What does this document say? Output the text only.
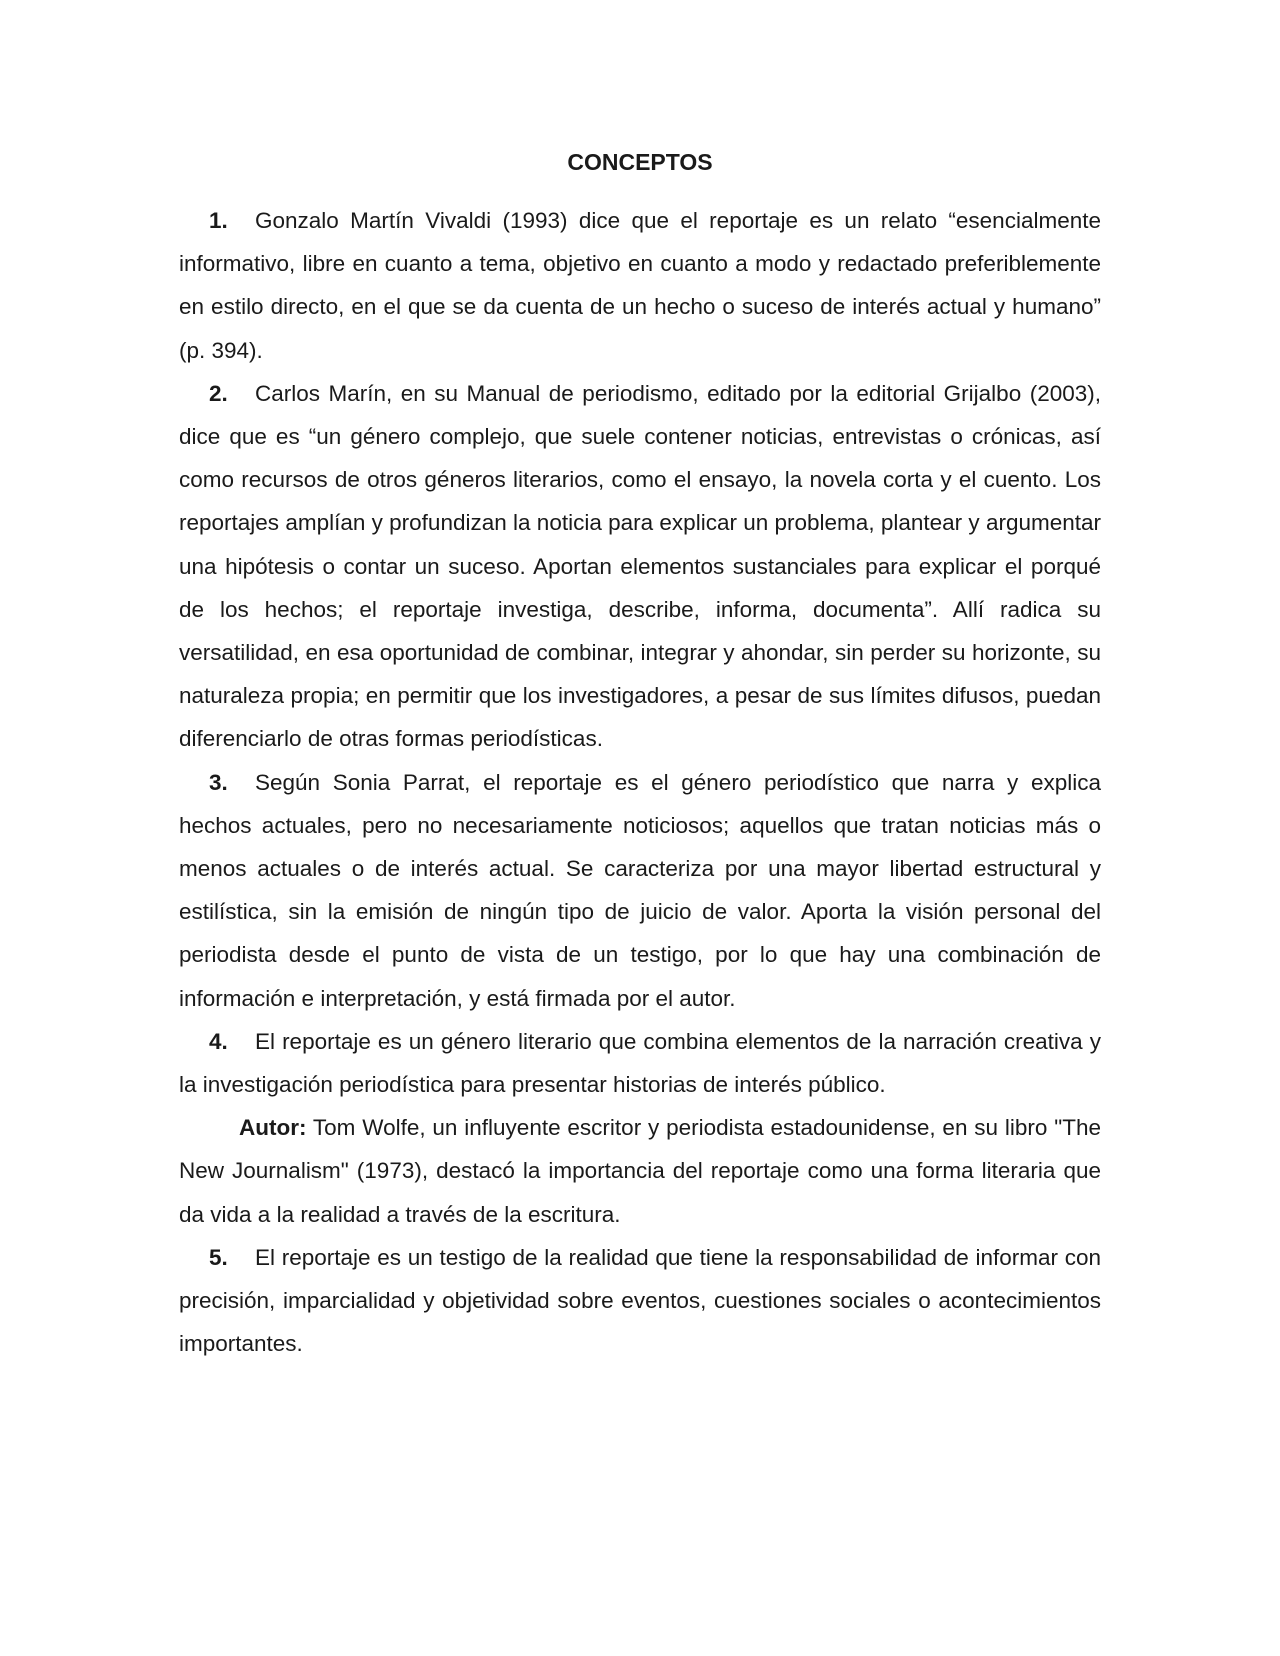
CONCEPTOS

1. Gonzalo Martín Vivaldi (1993) dice que el reportaje es un relato “esencialmente informativo, libre en cuanto a tema, objetivo en cuanto a modo y redactado preferiblemente en estilo directo, en el que se da cuenta de un hecho o suceso de interés actual y humano” (p. 394).

2. Carlos Marín, en su Manual de periodismo, editado por la editorial Grijalbo (2003), dice que es “un género complejo, que suele contener noticias, entrevistas o crónicas, así como recursos de otros géneros literarios, como el ensayo, la novela corta y el cuento. Los reportajes amplían y profundizan la noticia para explicar un problema, plantear y argumentar una hipótesis o contar un suceso. Aportan elementos sustanciales para explicar el porqué de los hechos; el reportaje investiga, describe, informa, documenta”. Allí radica su versatilidad, en esa oportunidad de combinar, integrar y ahondar, sin perder su horizonte, su naturaleza propia; en permitir que los investigadores, a pesar de sus límites difusos, puedan diferenciarlo de otras formas periodísticas.

3. Según Sonia Parrat, el reportaje es el género periodístico que narra y explica hechos actuales, pero no necesariamente noticiosos; aquellos que tratan noticias más o menos actuales o de interés actual. Se caracteriza por una mayor libertad estructural y estilística, sin la emisión de ningún tipo de juicio de valor. Aporta la visión personal del periodista desde el punto de vista de un testigo, por lo que hay una combinación de información e interpretación, y está firmada por el autor.

4. El reportaje es un género literario que combina elementos de la narración creativa y la investigación periodística para presentar historias de interés público.

Autor: Tom Wolfe, un influyente escritor y periodista estadounidense, en su libro "The New Journalism" (1973), destacó la importancia del reportaje como una forma literaria que da vida a la realidad a través de la escritura.

5. El reportaje es un testigo de la realidad que tiene la responsabilidad de informar con precisión, imparcialidad y objetividad sobre eventos, cuestiones sociales o acontecimientos importantes.
